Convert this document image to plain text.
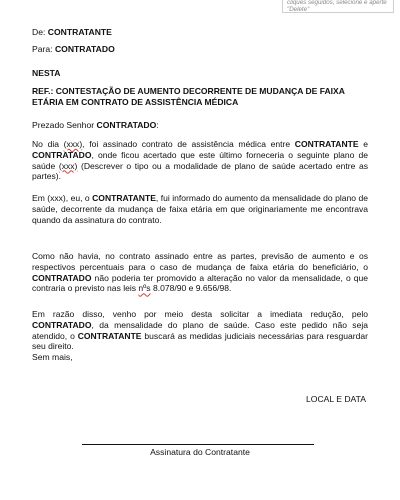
cliques seguidos, selecione e aperte "Delete"
De: CONTRATANTE
Para: CONTRATADO
NESTA
REF.: CONTESTAÇÃO DE AUMENTO DECORRENTE DE MUDANÇA DE FAIXA ETÁRIA EM CONTRATO DE ASSISTÊNCIA MÉDICA
Prezado Senhor CONTRATADO:
No dia (xxx), foi assinado contrato de assistência médica entre CONTRATANTE e CONTRATADO, onde ficou acertado que este último forneceria o seguinte plano de saúde (xxx) (Descrever o tipo ou a modalidade de plano de saúde acertado entre as partes).
Em (xxx), eu, o CONTRATANTE, fui informado do aumento da mensalidade do plano de saúde, decorrente da mudança de faixa etária em que originariamente me encontrava quando da assinatura do contrato.
Como não havia, no contrato assinado entre as partes, previsão de aumento e os respectivos percentuais para o caso de mudança de faixa etária do beneficiário, o CONTRATADO não poderia ter promovido a alteração no valor da mensalidade, o que contraria o previsto nas leis nºs 8.078/90 e 9.656/98.
Em razão disso, venho por meio desta solicitar a imediata redução, pelo CONTRATADO, da mensalidade do plano de saúde. Caso este pedido não seja atendido, o CONTRATANTE buscará as medidas judiciais necessárias para resguardar seu direito.
Sem mais,
LOCAL E DATA
Assinatura do Contratante
